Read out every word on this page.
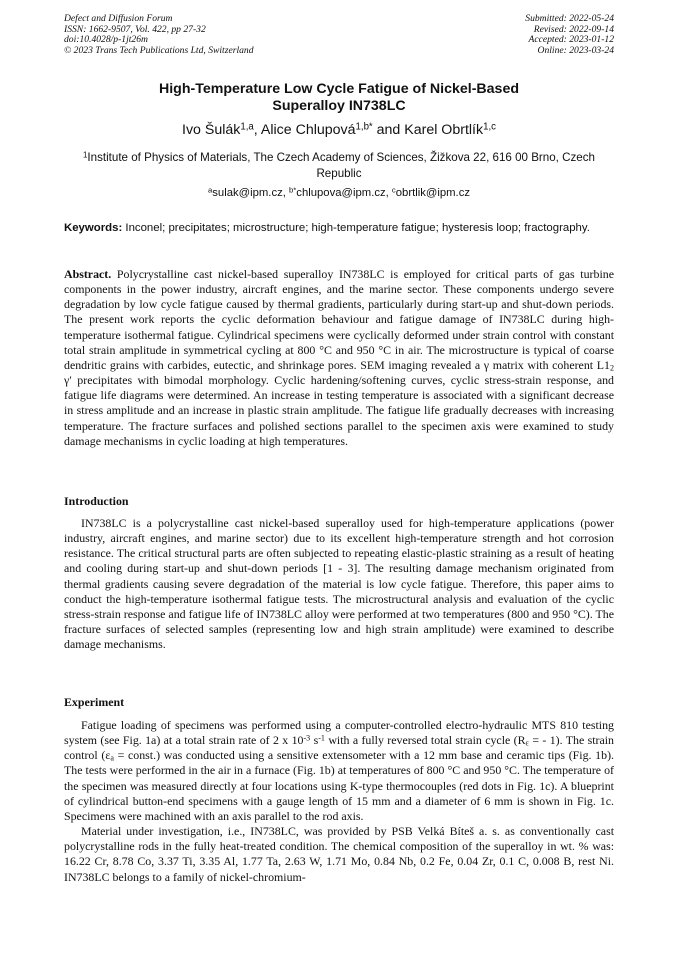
Defect and Diffusion Forum
ISSN: 1662-9507, Vol. 422, pp 27-32
doi:10.4028/p-1jt26m
© 2023 Trans Tech Publications Ltd, Switzerland
Submitted: 2022-05-24
Revised: 2022-09-14
Accepted: 2023-01-12
Online: 2023-03-24
High-Temperature Low Cycle Fatigue of Nickel-Based
Superalloy IN738LC
Ivo Šulák$^{1,a}$, Alice Chlupová$^{1,b*}$ and Karel Obrtlík$^{1,c}$
$^1$Institute of Physics of Materials, The Czech Academy of Sciences, Žižkova 22, 616 00 Brno, Czech Republic
$^a$sulak@ipm.cz, $^{b*}$chlupova@ipm.cz, $^c$obrtlik@ipm.cz
Keywords: Inconel; precipitates; microstructure; high-temperature fatigue; hysteresis loop; fractography.

Abstract. Polycrystalline cast nickel-based superalloy IN738LC is employed for critical parts of gas turbine components in the power industry, aircraft engines, and the marine sector. These components undergo severe degradation by low cycle fatigue caused by thermal gradients, particularly during start-up and shut-down periods. The present work reports the cyclic deformation behaviour and fatigue damage of IN738LC during high-temperature isothermal fatigue. Cylindrical specimens were cyclically deformed under strain control with constant total strain amplitude in symmetrical cycling at 800 °C and 950 °C in air. The microstructure is typical of coarse dendritic grains with carbides, eutectic, and shrinkage pores. SEM imaging revealed a γ matrix with coherent $L1_2$ γ′ precipitates with bimodal morphology. Cyclic hardening/softening curves, cyclic stress-strain response, and fatigue life diagrams were determined. An increase in testing temperature is associated with a significant decrease in stress amplitude and an increase in plastic strain amplitude. The fatigue life gradually decreases with increasing temperature. The fracture surfaces and polished sections parallel to the specimen axis were examined to study damage mechanisms in cyclic loading at high temperatures.

Introduction

IN738LC is a polycrystalline cast nickel-based superalloy used for high-temperature applications (power industry, aircraft engines, and marine sector) due to its excellent high-temperature strength and hot corrosion resistance. The critical structural parts are often subjected to repeating elastic-plastic straining as a result of heating and cooling during start-up and shut-down periods [1 - 3]. The resulting damage mechanism originated from thermal gradients causing severe degradation of the material is low cycle fatigue. Therefore, this paper aims to conduct the high-temperature isothermal fatigue tests. The microstructural analysis and evaluation of the cyclic stress-strain response and fatigue life of IN738LC alloy were performed at two temperatures (800 and 950 °C). The fracture surfaces of selected samples (representing low and high strain amplitude) were examined to describe damage mechanisms.

Experiment

Fatigue loading of specimens was performed using a computer-controlled electro-hydraulic MTS 810 testing system (see Fig. 1a) at a total strain rate of 2 x $10^{-3}$ $s^{-1}$ with a fully reversed total strain cycle ($R_\varepsilon$ = - 1). The strain control ($\varepsilon_a$ = const.) was conducted using a sensitive extensometer with a 12 mm base and ceramic tips (Fig. 1b). The tests were performed in the air in a furnace (Fig. 1b) at temperatures of 800 °C and 950 °C. The temperature of the specimen was measured directly at four locations using K-type thermocouples (red dots in Fig. 1c). A blueprint of cylindrical button-end specimens with a gauge length of 15 mm and a diameter of 6 mm is shown in Fig. 1c. Specimens were machined with an axis parallel to the rod axis.

Material under investigation, i.e., IN738LC, was provided by PSB Velká Bíteš a. s. as conventionally cast polycrystalline rods in the fully heat-treated condition. The chemical composition of the superalloy in wt. % was: 16.22 Cr, 8.78 Co, 3.37 Ti, 3.35 Al, 1.77 Ta, 2.63 W, 1.71 Mo, 0.84 Nb, 0.2 Fe, 0.04 Zr, 0.1 C, 0.008 B, rest Ni. IN738LC belongs to a family of nickel-chromium-
